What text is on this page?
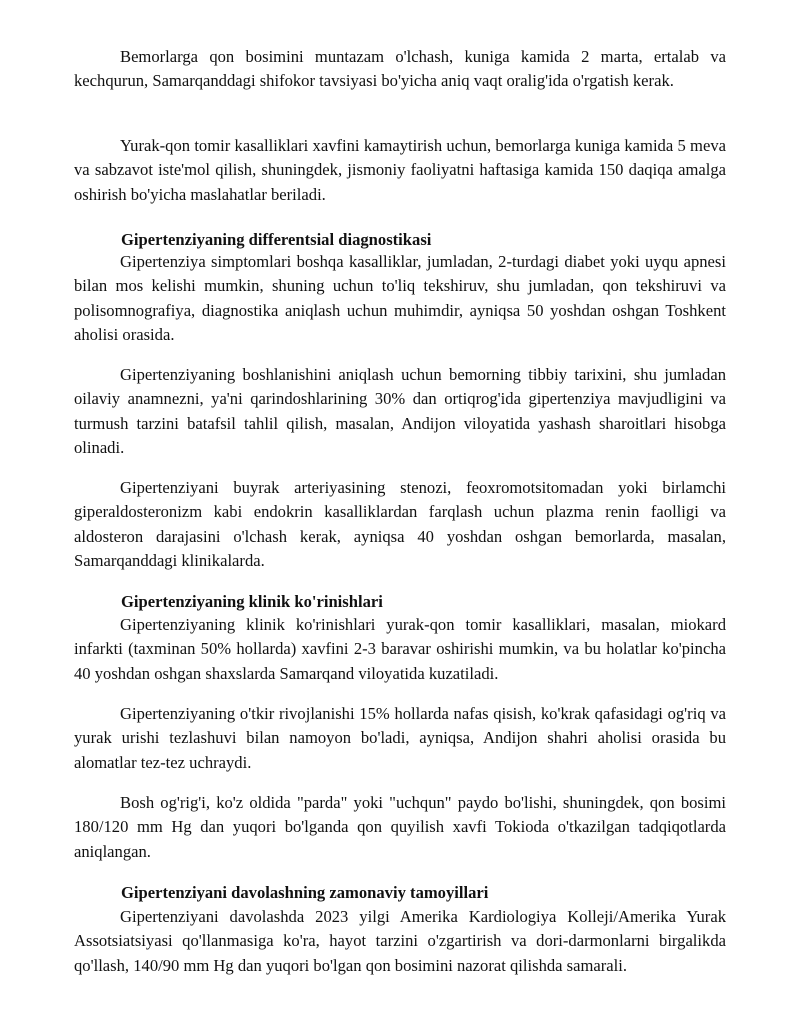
Bemorlarga qon bosimini muntazam o'lchash, kuniga kamida 2 marta, ertalab va kechqurun, Samarqanddagi shifokor tavsiyasi bo'yicha aniq vaqt oralig'ida o'rgatish kerak.

Yurak-qon tomir kasalliklari xavfini kamaytirish uchun, bemorlarga kuniga kamida 5 meva va sabzavot iste'mol qilish, shuningdek, jismoniy faoliyatni haftasiga kamida 150 daqiqa amalga oshirish bo'yicha maslahatlar beriladi.

Gipertenziyaning differentsial diagnostikasi

Gipertenziya simptomlari boshqa kasalliklar, jumladan, 2-turdagi diabet yoki uyqu apnesi bilan mos kelishi mumkin, shuning uchun to'liq tekshiruv, shu jumladan, qon tekshiruvi va polisomnografiya, diagnostika aniqlash uchun muhimdir, ayniqsa 50 yoshdan oshgan Toshkent aholisi orasida.

Gipertenziyaning boshlanishini aniqlash uchun bemorning tibbiy tarixini, shu jumladan oilaviy anamnezni, ya'ni qarindoshlarining 30% dan ortiqrog'ida gipertenziya mavjudligini va turmush tarzini batafsil tahlil qilish, masalan, Andijon viloyatida yashash sharoitlari hisobga olinadi.

Gipertenziyani buyrak arteriyasining stenozi, feoxromotsitomadan yoki birlamchi giperaldosteronizm kabi endokrin kasalliklardan farqlash uchun plazma renin faolligi va aldosteron darajasini o'lchash kerak, ayniqsa 40 yoshdan oshgan bemorlarda, masalan, Samarqanddagi klinikalarda.

Gipertenziyaning klinik ko'rinishlari

Gipertenziyaning klinik ko'rinishlari yurak-qon tomir kasalliklari, masalan, miokard infarkti (taxminan 50% hollarda) xavfini 2-3 baravar oshirishi mumkin, va bu holatlar ko'pincha 40 yoshdan oshgan shaxslarda Samarqand viloyatida kuzatiladi.

Gipertenziyaning o'tkir rivojlanishi 15% hollarda nafas qisish, ko'krak qafasidagi og'riq va yurak urishi tezlashuvi bilan namoyon bo'ladi, ayniqsa, Andijon shahri aholisi orasida bu alomatlar tez-tez uchraydi.

Bosh og'rig'i, ko'z oldida "parda" yoki "uchqun" paydo bo'lishi, shuningdek, qon bosimi 180/120 mm Hg dan yuqori bo'lganda qon quyilish xavfi Tokioda o'tkazilgan tadqiqotlarda aniqlangan.

Gipertenziyani davolashning zamonaviy tamoyillari

Gipertenziyani davolashda 2023 yilgi Amerika Kardiologiya Kolleji/Amerika Yurak Assotsiatsiyasi qo'llanmasiga ko'ra, hayot tarzini o'zgartirish va dori-darmonlarni birgalikda qo'llash, 140/90 mm Hg dan yuqori bo'lgan qon bosimini nazorat qilishda samarali.
